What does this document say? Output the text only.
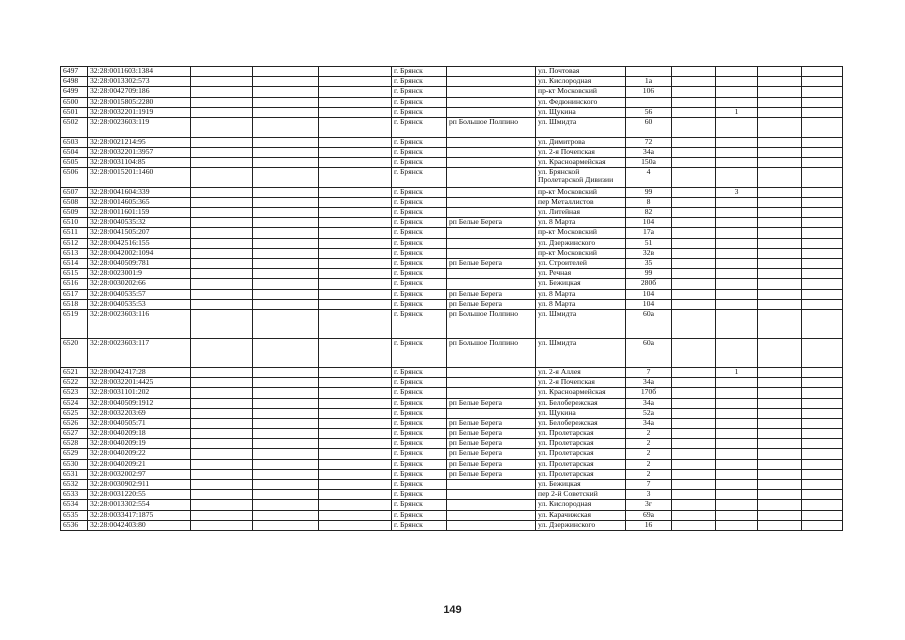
6497	32:28:0011603:1384				г. Брянск		ул. Почтовая					
6498	32:28:0013302:573				г. Брянск		ул. Кислородная	1а				
6499	32:28:0042709:186				г. Брянск		пр-кт Московский	106				
6500	32:28:0015805:2280				г. Брянск		ул. Федюнинского					
6501	32:28:0032201:1919				г. Брянск		ул. Щукина	56		1		
6502	32:28:0023603:119				г. Брянск	рп Большое Полпино	ул. Шмидта	60				
6503	32:28:0021214:95				г. Брянск		ул. Димитрова	72				
6504	32:28:0032201:3957				г. Брянск		ул. 2-я Почепская	34а				
6505	32:28:0031104:85				г. Брянск		ул. Красноармейская	150а				
6506	32:28:0015201:1460				г. Брянск		ул. Брянской Пролетарской Дивизии	4				
6507	32:28:0041604:339				г. Брянск		пр-кт Московский	99		3		
6508	32:28:0014605:365				г. Брянск		пер Металлистов	8				
6509	32:28:0011601:159				г. Брянск		ул. Литейная	82				
6510	32:28:0040535:32				г. Брянск	рп Белые Берега	ул. 8 Марта	104				
6511	32:28:0041505:207				г. Брянск		пр-кт Московский	17а				
6512	32:28:0042516:155				г. Брянск		ул. Дзержинского	51				
6513	32:28:0042002:1094				г. Брянск		пр-кт Московский	32в				
6514	32:28:0040509:781				г. Брянск	рп Белые Берега	ул. Строителей	35				
6515	32:28:0023001:9				г. Брянск		ул. Речная	99				
6516	32:28:0030202:66				г. Брянск		ул. Бежицкая	280б				
6517	32:28:0040535:57				г. Брянск	рп Белые Берега	ул. 8 Марта	104				
6518	32:28:0040535:53				г. Брянск	рп Белые Берега	ул. 8 Марта	104				
6519	32:28:0023603:116				г. Брянск	рп Большое Полпино	ул. Шмидта	60а				
6520	32:28:0023603:117				г. Брянск	рп Большое Полпино	ул. Шмидта	60а				
6521	32:28:0042417:28				г. Брянск		ул. 2-я Аллея	7		1		
6522	32:28:0032201:4425				г. Брянск		ул. 2-я Почепская	34а				
6523	32:28:0031101:202				г. Брянск		ул. Красноармейская	170б				
6524	32:28:0040509:1912				г. Брянск	рп Белые Берега	ул. Белобережская	34а				
6525	32:28:0032203:69				г. Брянск		ул. Щукина	52а				
6526	32:28:0040505:71				г. Брянск	рп Белые Берега	ул. Белобережская	34а				
6527	32:28:0040209:18				г. Брянск	рп Белые Берега	ул. Пролетарская	2				
6528	32:28:0040209:19				г. Брянск	рп Белые Берега	ул. Пролетарская	2				
6529	32:28:0040209:22				г. Брянск	рп Белые Берега	ул. Пролетарская	2				
6530	32:28:0040209:21				г. Брянск	рп Белые Берега	ул. Пролетарская	2				
6531	32:28:0032002:97				г. Брянск	рп Белые Берега	ул. Пролетарская	2				
6532	32:28:0030902:911				г. Брянск		ул. Бежицкая	7				
6533	32:28:0031220:55				г. Брянск		пер 2-й Советский	3				
6534	32:28:0013302:554				г. Брянск		ул. Кислородная	3г				
6535	32:28:0033417:1875				г. Брянск		ул. Карачижская	69а				
6536	32:28:0042403:80				г. Брянск		ул. Дзержинского	16				
149
